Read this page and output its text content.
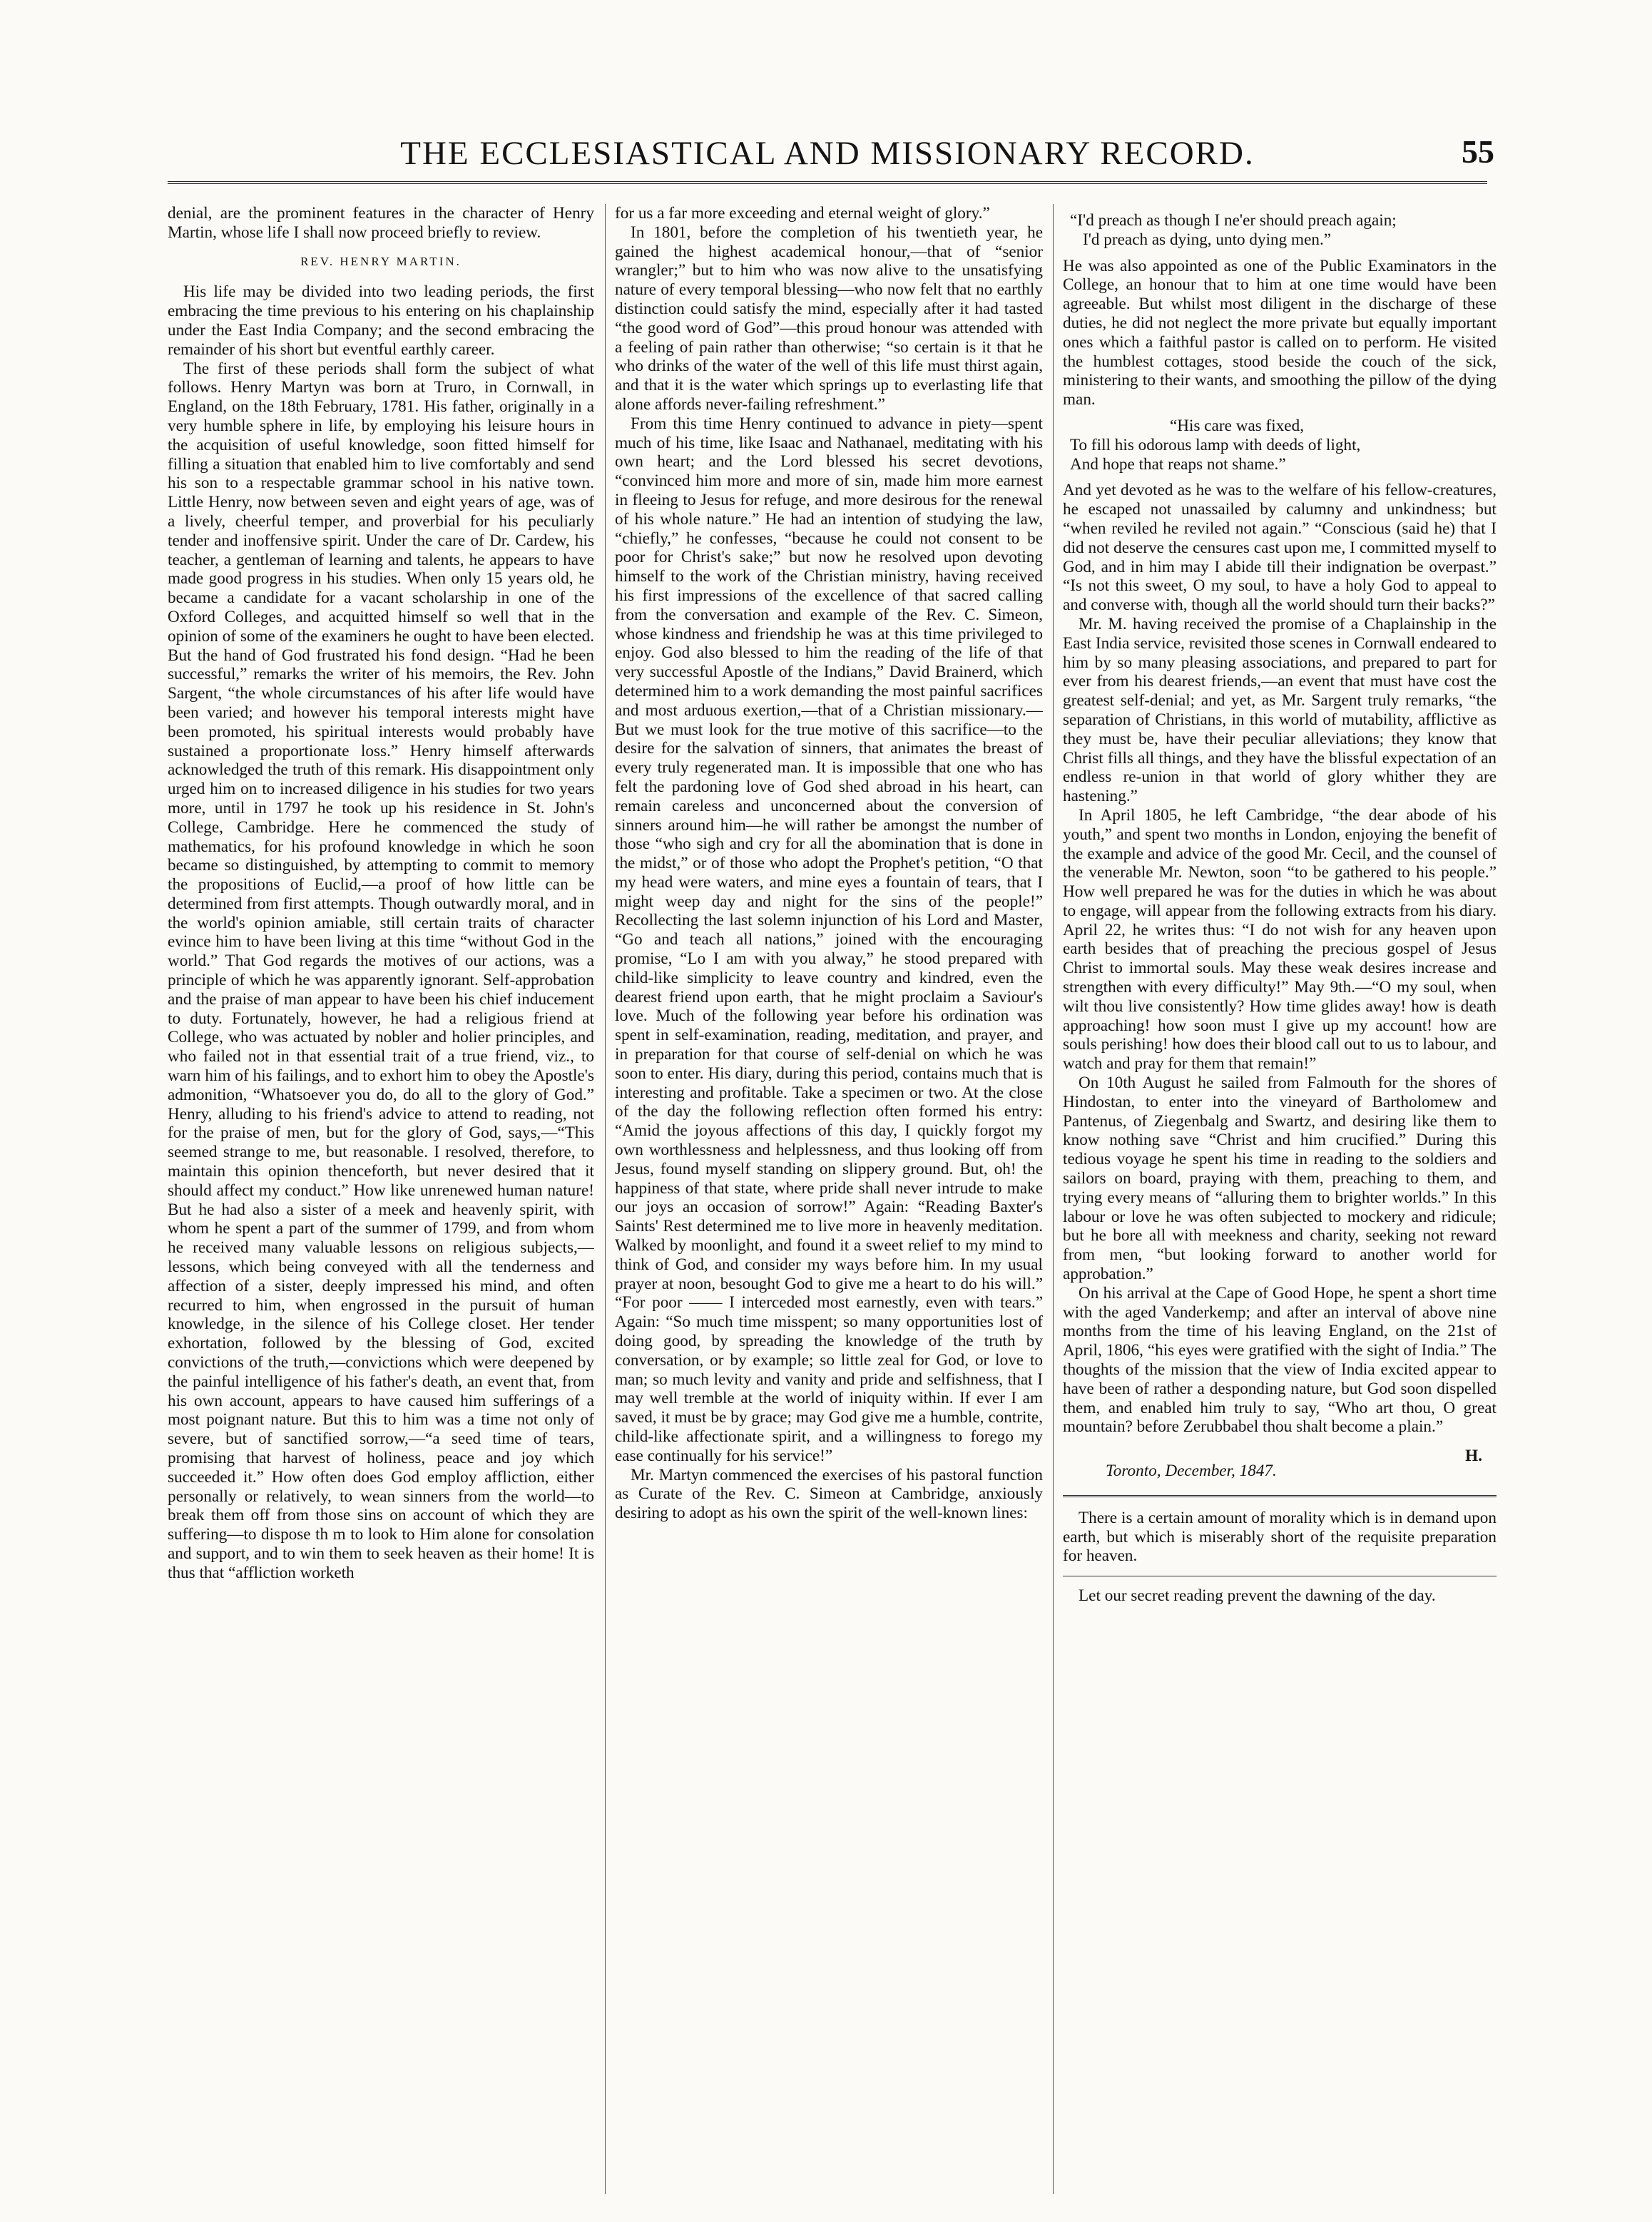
THE ECCLESIASTICAL AND MISSIONARY RECORD.	55

denial, are the prominent features in the character of Henry Martin, whose life I shall now proceed briefly to review.

REV. HENRY MARTIN.

His life may be divided into two leading periods, the first embracing the time previous to his entering on his chaplainship under the East India Company; and the second embracing the remainder of his short but eventful earthly career.

The first of these periods shall form the subject of what follows. Henry Martyn was born at Truro, in Cornwall, in England, on the 18th February, 1781. His father, originally in a very humble sphere in life, by employing his leisure hours in the acquisition of useful knowledge, soon fitted himself for filling a situation that enabled him to live comfortably and send his son to a respectable grammar school in his native town. Little Henry, now between seven and eight years of age, was of a lively, cheerful temper, and proverbial for his peculiarly tender and inoffensive spirit. Under the care of Dr. Cardew, his teacher, a gentleman of learning and talents, he appears to have made good progress in his studies. When only 15 years old, he became a candidate for a vacant scholarship in one of the Oxford Colleges, and acquitted himself so well that in the opinion of some of the examiners he ought to have been elected. But the hand of God frustrated his fond design. “Had he been successful,” remarks the writer of his memoirs, the Rev. John Sargent, “the whole circumstances of his after life would have been varied; and however his temporal interests might have been promoted, his spiritual interests would probably have sustained a proportionate loss.” Henry himself afterwards acknowledged the truth of this remark. His disappointment only urged him on to increased diligence in his studies for two years more, until in 1797 he took up his residence in St. John's College, Cambridge. Here he commenced the study of mathematics, for his profound knowledge in which he soon became so distinguished, by attempting to commit to memory the propositions of Euclid,—a proof of how little can be determined from first attempts. Though outwardly moral, and in the world's opinion amiable, still certain traits of character evince him to have been living at this time “without God in the world.” That God regards the motives of our actions, was a principle of which he was apparently ignorant. Self-approbation and the praise of man appear to have been his chief inducement to duty. Fortunately, however, he had a religious friend at College, who was actuated by nobler and holier principles, and who failed not in that essential trait of a true friend, viz., to warn him of his failings, and to exhort him to obey the Apostle's admonition, “Whatsoever you do, do all to the glory of God.” Henry, alluding to his friend's advice to attend to reading, not for the praise of men, but for the glory of God, says,—“This seemed strange to me, but reasonable. I resolved, therefore, to maintain this opinion thenceforth, but never desired that it should affect my conduct.” How like unrenewed human nature! But he had also a sister of a meek and heavenly spirit, with whom he spent a part of the summer of 1799, and from whom he received many valuable lessons on religious subjects,—lessons, which being conveyed with all the tenderness and affection of a sister, deeply impressed his mind, and often recurred to him, when engrossed in the pursuit of human knowledge, in the silence of his College closet. Her tender exhortation, followed by the blessing of God, excited convictions of the truth,—convictions which were deepened by the painful intelligence of his father's death, an event that, from his own account, appears to have caused him sufferings of a most poignant nature. But this to him was a time not only of severe, but of sanctified sorrow,—“a seed time of tears, promising that harvest of holiness, peace and joy which succeeded it.” How often does God employ affliction, either personally or relatively, to wean sinners from the world—to break them off from those sins on account of which they are suffering—to dispose th m to look to Him alone for consolation and support, and to win them to seek heaven as their home! It is thus that “affliction worketh

for us a far more exceeding and eternal weight of glory.”

In 1801, before the completion of his twentieth year, he gained the highest academical honour,—that of “senior wrangler;” but to him who was now alive to the unsatisfying nature of every temporal blessing—who now felt that no earthly distinction could satisfy the mind, especially after it had tasted “the good word of God”—this proud honour was attended with a feeling of pain rather than otherwise; “so certain is it that he who drinks of the water of the well of this life must thirst again, and that it is the water which springs up to everlasting life that alone affords never-failing refreshment.”

From this time Henry continued to advance in piety—spent much of his time, like Isaac and Nathanael, meditating with his own heart; and the Lord blessed his secret devotions, “convinced him more and more of sin, made him more earnest in fleeing to Jesus for refuge, and more desirous for the renewal of his whole nature.” He had an intention of studying the law, “chiefly,” he confesses, “because he could not consent to be poor for Christ's sake;” but now he resolved upon devoting himself to the work of the Christian ministry, having received his first impressions of the excellence of that sacred calling from the conversation and example of the Rev. C. Simeon, whose kindness and friendship he was at this time privileged to enjoy. God also blessed to him the reading of the life of that very successful Apostle of the Indians,” David Brainerd, which determined him to a work demanding the most painful sacrifices and most arduous exertion,—that of a Christian missionary.—But we must look for the true motive of this sacrifice—to the desire for the salvation of sinners, that animates the breast of every truly regenerated man. It is impossible that one who has felt the pardoning love of God shed abroad in his heart, can remain careless and unconcerned about the conversion of sinners around him—he will rather be amongst the number of those “who sigh and cry for all the abomination that is done in the midst,” or of those who adopt the Prophet's petition, “O that my head were waters, and mine eyes a fountain of tears, that I might weep day and night for the sins of the people!” Recollecting the last solemn injunction of his Lord and Master, “Go and teach all nations,” joined with the encouraging promise, “Lo I am with you alway,” he stood prepared with child-like simplicity to leave country and kindred, even the dearest friend upon earth, that he might proclaim a Saviour's love. Much of the following year before his ordination was spent in self-examination, reading, meditation, and prayer, and in preparation for that course of self-denial on which he was soon to enter. His diary, during this period, contains much that is interesting and profitable. Take a specimen or two. At the close of the day the following reflection often formed his entry: “Amid the joyous affections of this day, I quickly forgot my own worthlessness and helplessness, and thus looking off from Jesus, found myself standing on slippery ground. But, oh! the happiness of that state, where pride shall never intrude to make our joys an occasion of sorrow!” Again: “Reading Baxter's Saints' Rest determined me to live more in heavenly meditation. Walked by moonlight, and found it a sweet relief to my mind to think of God, and consider my ways before him. In my usual prayer at noon, besought God to give me a heart to do his will.” “For poor —— I interceded most earnestly, even with tears.” Again: “So much time misspent; so many opportunities lost of doing good, by spreading the knowledge of the truth by conversation, or by example; so little zeal for God, or love to man; so much levity and vanity and pride and selfishness, that I may well tremble at the world of iniquity within. If ever I am saved, it must be by grace; may God give me a humble, contrite, child-like affectionate spirit, and a willingness to forego my ease continually for his service!”

Mr. Martyn commenced the exercises of his pastoral function as Curate of the Rev. C. Simeon at Cambridge, anxiously desiring to adopt as his own the spirit of the well-known lines:

“I'd preach as though I ne'er should preach again;
I'd preach as dying, unto dying men.”

He was also appointed as one of the Public Examinators in the College, an honour that to him at one time would have been agreeable. But whilst most diligent in the discharge of these duties, he did not neglect the more private but equally important ones which a faithful pastor is called on to perform. He visited the humblest cottages, stood beside the couch of the sick, ministering to their wants, and smoothing the pillow of the dying man.

“His care was fixed,
To fill his odorous lamp with deeds of light,
And hope that reaps not shame.”

And yet devoted as he was to the welfare of his fellow-creatures, he escaped not unassailed by calumny and unkindness; but “when reviled he reviled not again.” “Conscious (said he) that I did not deserve the censures cast upon me, I committed myself to God, and in him may I abide till their indignation be overpast.” “Is not this sweet, O my soul, to have a holy God to appeal to and converse with, though all the world should turn their backs?”

Mr. M. having received the promise of a Chaplainship in the East India service, revisited those scenes in Cornwall endeared to him by so many pleasing associations, and prepared to part for ever from his dearest friends,—an event that must have cost the greatest self-denial; and yet, as Mr. Sargent truly remarks, “the separation of Christians, in this world of mutability, afflictive as they must be, have their peculiar alleviations; they know that Christ fills all things, and they have the blissful expectation of an endless re-union in that world of glory whither they are hastening.”

In April 1805, he left Cambridge, “the dear abode of his youth,” and spent two months in London, enjoying the benefit of the example and advice of the good Mr. Cecil, and the counsel of the venerable Mr. Newton, soon “to be gathered to his people.” How well prepared he was for the duties in which he was about to engage, will appear from the following extracts from his diary. April 22, he writes thus: “I do not wish for any heaven upon earth besides that of preaching the precious gospel of Jesus Christ to immortal souls. May these weak desires increase and strengthen with every difficulty!” May 9th.—“O my soul, when wilt thou live consistently? How time glides away! how is death approaching! how soon must I give up my account! how are souls perishing! how does their blood call out to us to labour, and watch and pray for them that remain!”

On 10th August he sailed from Falmouth for the shores of Hindostan, to enter into the vineyard of Bartholomew and Pantenus, of Ziegenbalg and Swartz, and desiring like them to know nothing save “Christ and him crucified.” During this tedious voyage he spent his time in reading to the soldiers and sailors on board, praying with them, preaching to them, and trying every means of “alluring them to brighter worlds.” In this labour or love he was often subjected to mockery and ridicule; but he bore all with meekness and charity, seeking not reward from men, “but looking forward to another world for approbation.”

On his arrival at the Cape of Good Hope, he spent a short time with the aged Vanderkemp; and after an interval of above nine months from the time of his leaving England, on the 21st of April, 1806, “his eyes were gratified with the sight of India.” The thoughts of the mission that the view of India excited appear to have been of rather a desponding nature, but God soon dispelled them, and enabled him truly to say, “Who art thou, O great mountain? before Zerubbabel thou shalt become a plain.”

H.
Toronto, December, 1847.

There is a certain amount of morality which is in demand upon earth, but which is miserably short of the requisite preparation for heaven.

Let our secret reading prevent the dawning of the day.
